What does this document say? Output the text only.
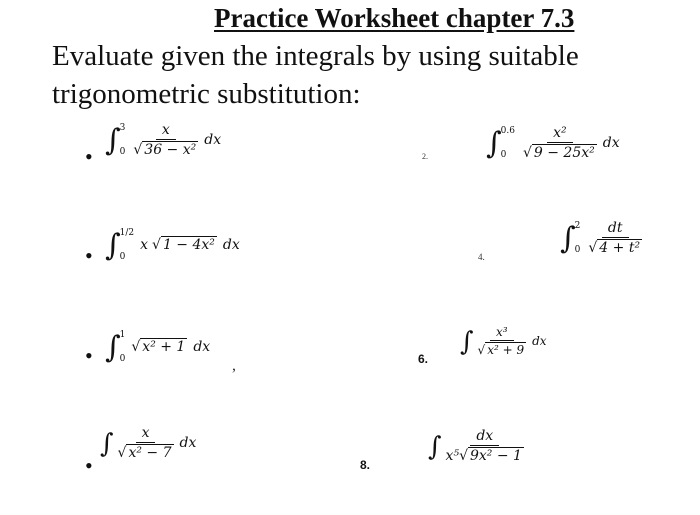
Practice Worksheet chapter 7.3
Evaluate given the integrals by using suitable trigonometric substitution:
• ∫ 3
$0 \frac{x}{\text{√ 36 − x²}}$ dx
2. ∫ 0.6
0	$\frac{\text{x²}}{\text{√ 9 − 25x²}}$ dx
• ∫ 1/2
0
x √ 1 − 4x² dx
4.
∫ 2
$0 \frac{dt}{\text{√ 4 + t²}}$
• ∫ 1
0
√ x² + 1 dx
6.
∫ $\frac{\text{x³}}{\text{√ x² + 9}}$ dx
•
∫ $\frac{x}{\text{√ x² − 7}}$ dx
8.
∫ $\frac{dx}{\text{x⁵√ 9x² − 1}}$
,
